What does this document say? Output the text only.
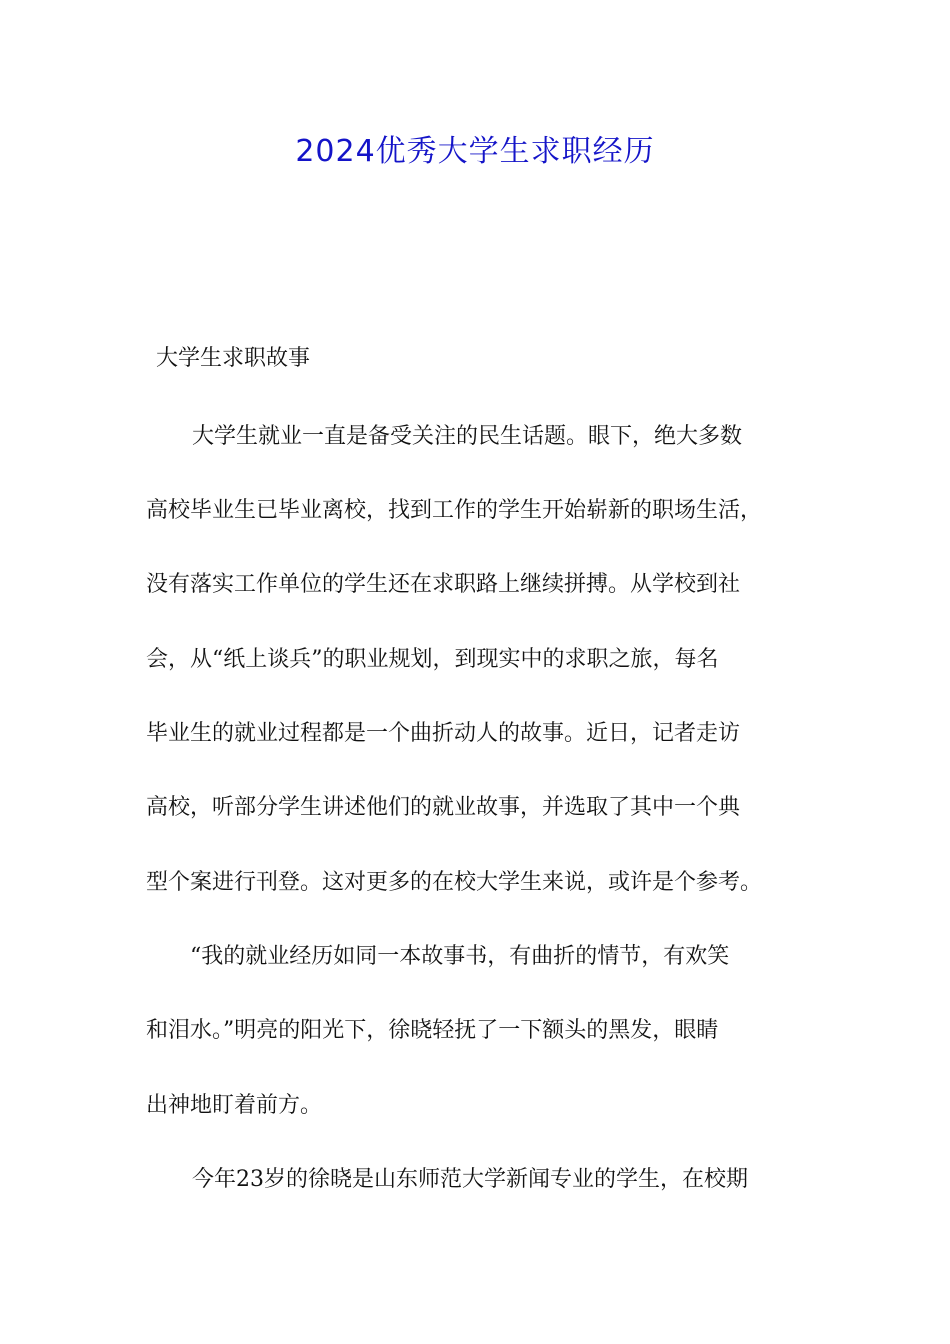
2024优秀大学生求职经历
大学生求职故事
大学生就业一直是备受关注的民生话题。眼下，绝大多数
高校毕业生已毕业离校，找到工作的学生开始崭新的职场生活，
没有落实工作单位的学生还在求职路上继续拼搏。从学校到社
会，从“纸上谈兵”的职业规划，到现实中的求职之旅，每名
毕业生的就业过程都是一个曲折动人的故事。近日，记者走访
高校，听部分学生讲述他们的就业故事，并选取了其中一个典
型个案进行刊登。这对更多的在校大学生来说，或许是个参考。
“我的就业经历如同一本故事书，有曲折的情节，有欢笑
和泪水。”明亮的阳光下，徐晓轻抚了一下额头的黑发，眼睛
出神地盯着前方。
今年23岁的徐晓是山东师范大学新闻专业的学生，在校期
